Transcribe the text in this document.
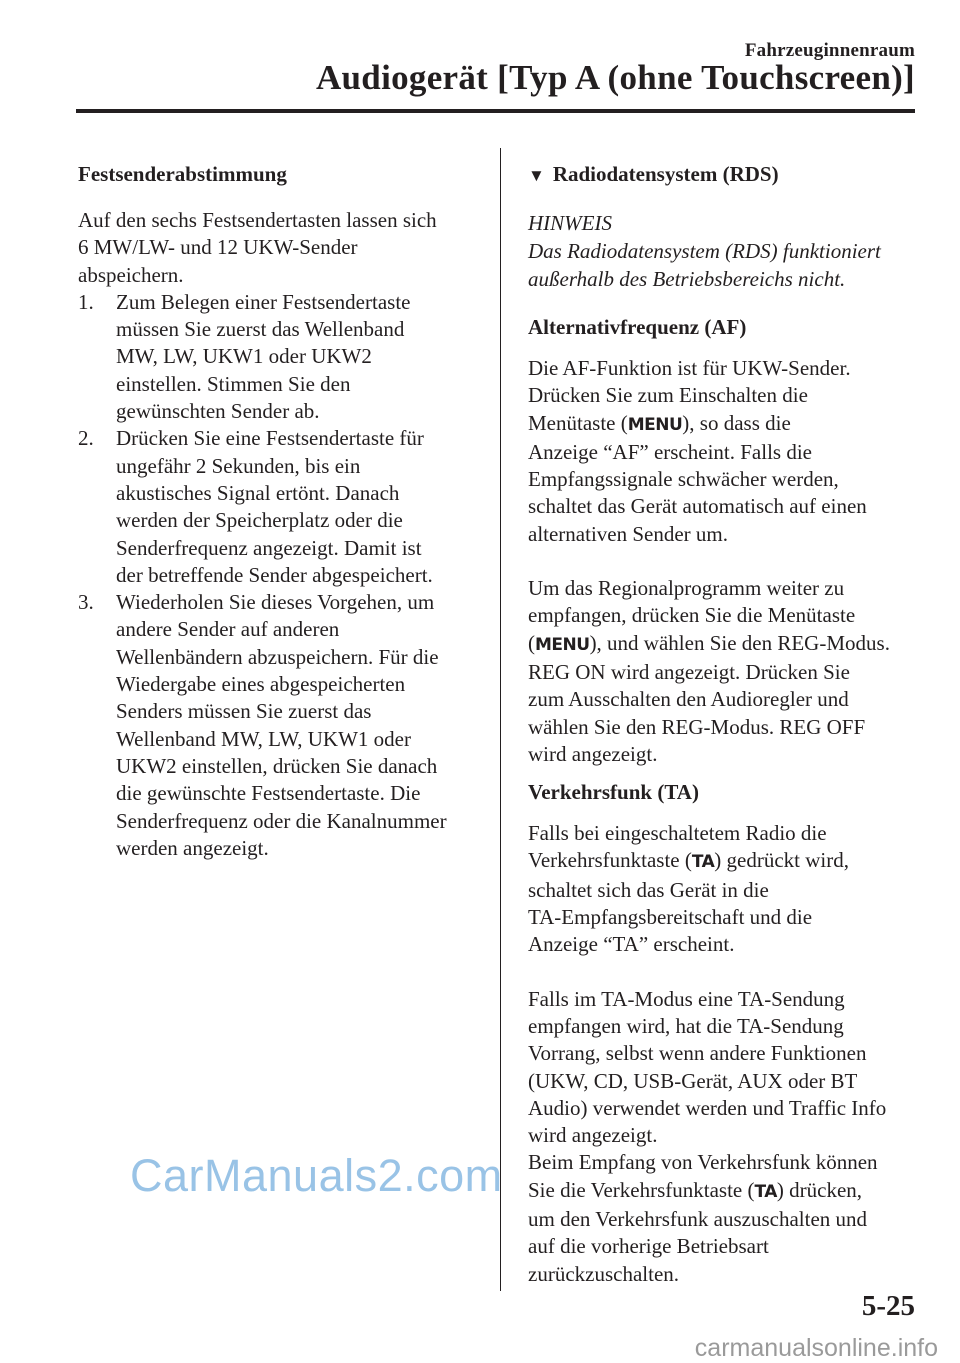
Fahrzeuginnenraum
Audiogerät [Typ A (ohne Touchscreen)]
Festsenderabstimmung

Auf den sechs Festsendertasten lassen sich
6 MW/LW- und 12 UKW-Sender
abspeichern.

1. Zum Belegen einer Festsendertaste
müssen Sie zuerst das Wellenband
MW, LW, UKW1 oder UKW2
einstellen. Stimmen Sie den
gewünschten Sender ab.
2. Drücken Sie eine Festsendertaste für
ungefähr 2 Sekunden, bis ein
akustisches Signal ertönt. Danach
werden der Speicherplatz oder die
Senderfrequenz angezeigt. Damit ist
der betreffende Sender abgespeichert.
3. Wiederholen Sie dieses Vorgehen, um
andere Sender auf anderen
Wellenbändern abzuspeichern. Für die
Wiedergabe eines abgespeicherten
Senders müssen Sie zuerst das
Wellenband MW, LW, UKW1 oder
UKW2 einstellen, drücken Sie danach
die gewünschte Festsendertaste. Die
Senderfrequenz oder die Kanalnummer
werden angezeigt.
▼ Radiodatensystem (RDS)
HINWEIS

Das Radiodatensystem (RDS) funktioniert
außerhalb des Betriebsbereichs nicht.

Alternativfrequenz (AF)

Die AF-Funktion ist für UKW-Sender.
Drücken Sie zum Einschalten die
Menütaste (MENU), so dass die
Anzeige “AF” erscheint. Falls die
Empfangssignale schwächer werden,
schaltet das Gerät automatisch auf einen
alternativen Sender um.

Um das Regionalprogramm weiter zu
empfangen, drücken Sie die Menütaste
(MENU), und wählen Sie den REG-Modus.
REG ON wird angezeigt. Drücken Sie
zum Ausschalten den Audioregler und
wählen Sie den REG-Modus. REG OFF
wird angezeigt.

Verkehrsfunk (TA)

Falls bei eingeschaltetem Radio die
Verkehrsfunktaste (TA) gedrückt wird,
schaltet sich das Gerät in die
TA-Empfangsbereitschaft und die
Anzeige “TA” erscheint.

Falls im TA-Modus eine TA-Sendung
empfangen wird, hat die TA-Sendung
Vorrang, selbst wenn andere Funktionen
(UKW, CD, USB-Gerät, AUX oder BT
Audio) verwendet werden und Traffic Info
wird angezeigt.
Beim Empfang von Verkehrsfunk können
Sie die Verkehrsfunktaste (TA) drücken,
um den Verkehrsfunk auszuschalten und
auf die vorherige Betriebsart
zurückzuschalten.

CarManuals2.com
5-25
carmanualsonline.info
